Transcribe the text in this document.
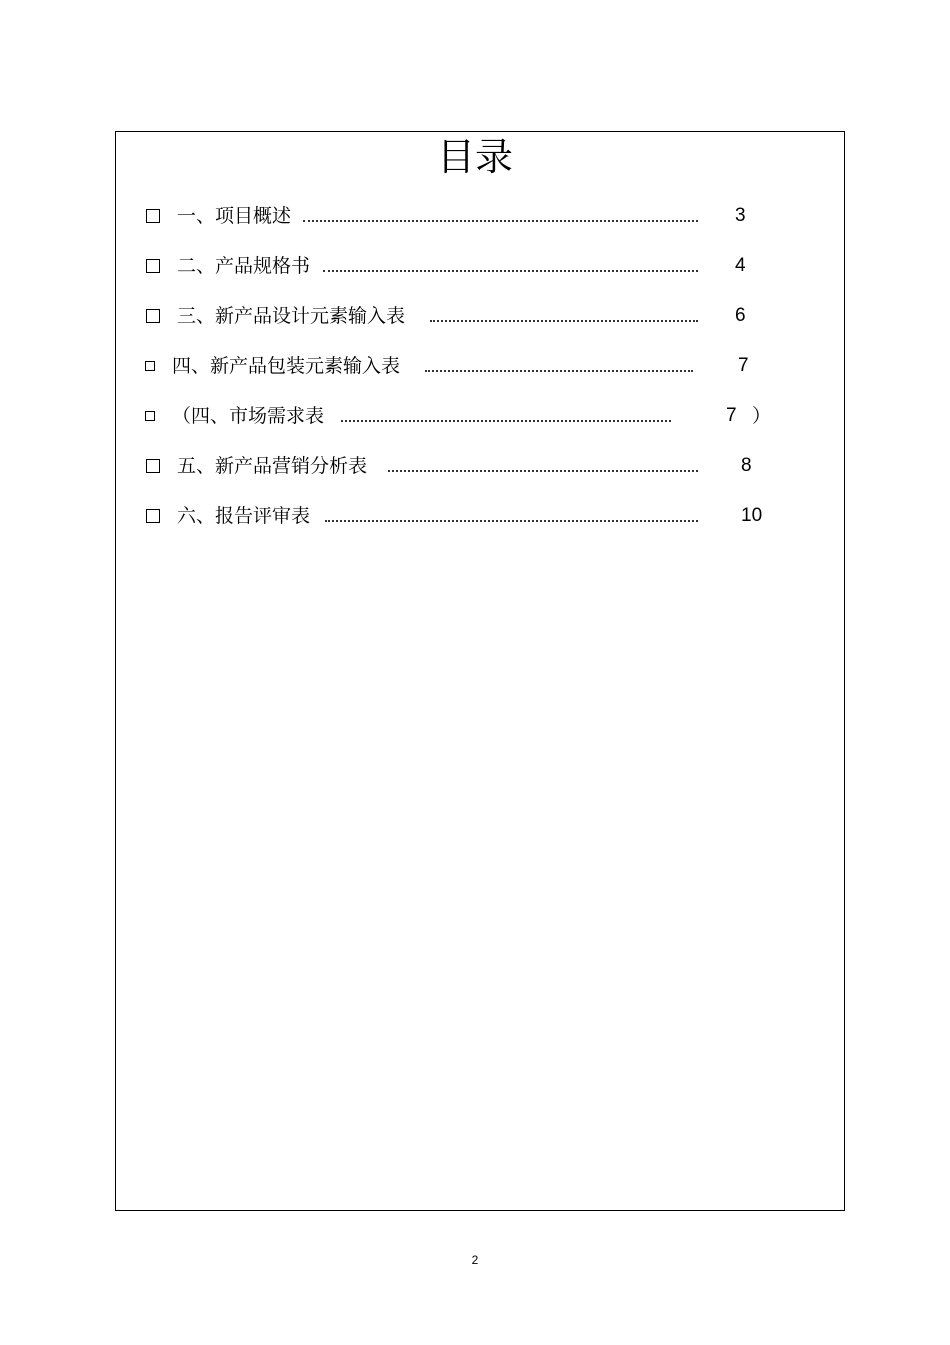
目录
一、项目概述	3
二、产品规格书	4
三、新产品设计元素输入表	6
四、新产品包装元素输入表	7
（四、市场需求表	7 ）
五、新产品营销分析表	8
六、报告评审表	10
2
